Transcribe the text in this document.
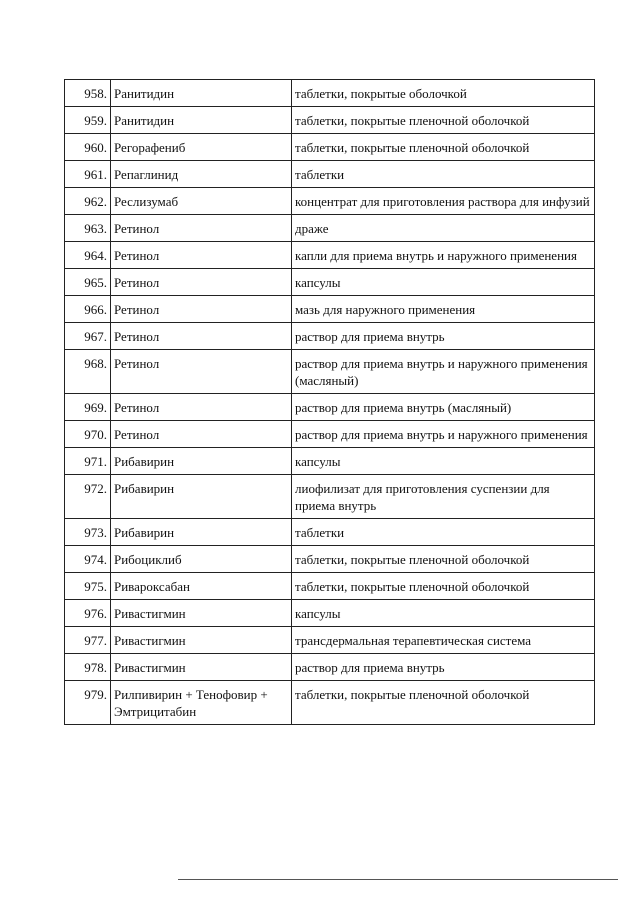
958.	Ранитидин	таблетки, покрытые оболочкой
959.	Ранитидин	таблетки, покрытые пленочной оболочкой
960.	Регорафениб	таблетки, покрытые пленочной оболочкой
961.	Репаглинид	таблетки
962.	Реслизумаб	концентрат для приготовления раствора для инфузий
963.	Ретинол	драже
964.	Ретинол	капли для приема внутрь и наружного применения
965.	Ретинол	капсулы
966.	Ретинол	мазь для наружного применения
967.	Ретинол	раствор для приема внутрь
968.	Ретинол	раствор для приема внутрь и наружного применения (масляный)
969.	Ретинол	раствор для приема внутрь (масляный)
970.	Ретинол	раствор для приема внутрь и наружного применения
971.	Рибавирин	капсулы
972.	Рибавирин	лиофилизат для приготовления суспензии для приема внутрь
973.	Рибавирин	таблетки
974.	Рибоциклиб	таблетки, покрытые пленочной оболочкой
975.	Ривароксабан	таблетки, покрытые пленочной оболочкой
976.	Ривастигмин	капсулы
977.	Ривастигмин	трансдермальная терапевтическая система
978.	Ривастигмин	раствор для приема внутрь
979.	Рилпивирин + Тенофовир + Эмтрицитабин	таблетки, покрытые пленочной оболочкой
